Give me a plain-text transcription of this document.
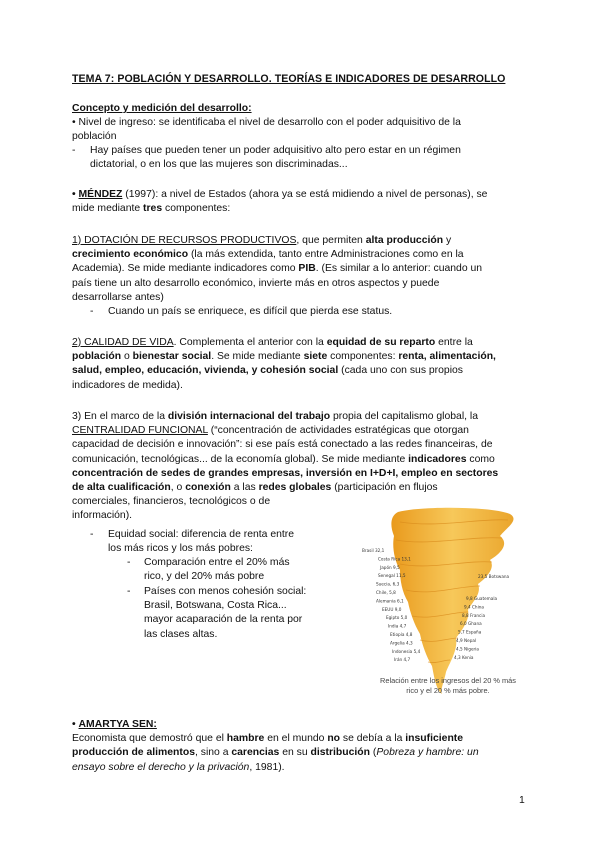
TEMA 7: POBLACIÓN Y DESARROLLO. TEORÍAS E INDICADORES DE DESARROLLO
Concepto y medición del desarrollo:
• Nivel de ingreso: se identificaba el nivel de desarrollo con el poder adquisitivo de la
población
-	Hay países que pueden tener un poder adquisitivo alto pero estar en un régimen
dictatorial, o en los que las mujeres son discriminadas...
• MÉNDEZ (1997): a nivel de Estados (ahora ya se está midiendo a nivel de personas), se
mide mediante tres componentes:
1) DOTACIÓN DE RECURSOS PRODUCTIVOS, que permiten alta producción y
crecimiento económico (la más extendida, tanto entre Administraciones como en la
Academia). Se mide mediante indicadores como PIB. (Es similar a lo anterior: cuando un
país tiene un alto desarrollo económico, invierte más en otros aspectos y puede
desarrollarse antes)
-	Cuando un país se enriquece, es difícil que pierda ese status.
2) CALIDAD DE VIDA. Complementa el anterior con la equidad de su reparto entre la
población o bienestar social. Se mide mediante siete componentes: renta, alimentación,
salud, empleo, educación, vivienda, y cohesión social (cada uno con sus propios
indicadores de medida).
3) En el marco de la división internacional del trabajo propia del capitalismo global, la
CENTRALIDAD FUNCIONAL (“concentración de actividades estratégicas que otorgan
capacidad de decisión e innovación”: si ese país está conectado a las redes financeiras, de
comunicación, tecnológicas... de la economía global). Se mide mediante indicadores como
concentración de sedes de grandes empresas, inversión en I+D+I, empleo en sectores
de alta cualificación, o conexión a las redes globales (participación en flujos
comerciales, financieros, tecnológicos o de
información).
-	Equidad social: diferencia de renta entre
los más ricos y los más pobres:
-	Comparación entre el 20% más
rico, y del 20% más pobre
-	Países con menos cohesión social:
Brasil, Botswana, Costa Rica...
mayor acaparación de la renta por
las clases altas.
Brasil 32,1
Costa Rica 13,1
Japón 9,5
Senegal 11,5
Suecia, 6,3
Chile, 5,8
Alemania 6,1
EEUU 9,0
Egipto 5,0
India 4,7
Etiopía 4,8
Argelia 4,3
Indonesia 5,4
Irán 4,7
23,5 Botswana
9,8 Guatemala
9,4 China
8,8 Francia
6,0 Ghana
5,7 España
4,9 Nepal
4,5 Nigeria
4,3 Kenia
Relación entre los ingresos del 20 % más
rico y el 20 % más pobre.
• AMARTYA SEN:
Economista que demostró que el hambre en el mundo no se debía a la insuficiente
producción de alimentos, sino a carencias en su distribución (Pobreza y hambre: un
ensayo sobre el derecho y la privación, 1981).
1
